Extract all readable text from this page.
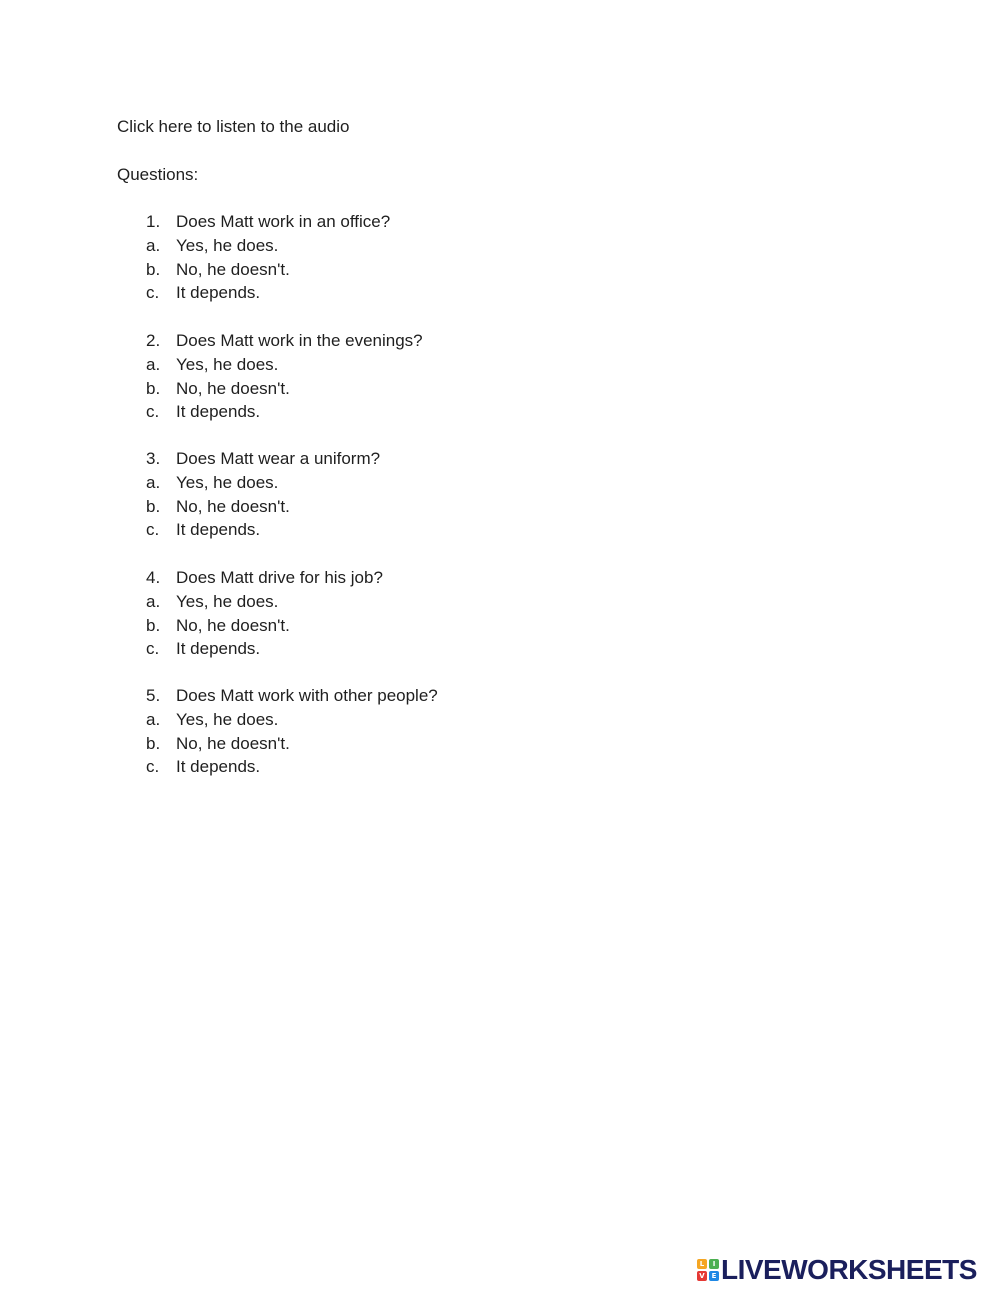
Click here to listen to the audio
Questions:
1. Does Matt work in an office?
a. Yes, he does.
b. No, he doesn't.
c. It depends.
2. Does Matt work in the evenings?
a. Yes, he does.
b. No, he doesn't.
c. It depends.
3. Does Matt wear a uniform?
a. Yes, he does.
b. No, he doesn't.
c. It depends.
4. Does Matt drive for his job?
a. Yes, he does.
b. No, he doesn't.
c. It depends.
5. Does Matt work with other people?
a. Yes, he does.
b. No, he doesn't.
c. It depends.
L	I
V E LIVEWORKSHEETS
